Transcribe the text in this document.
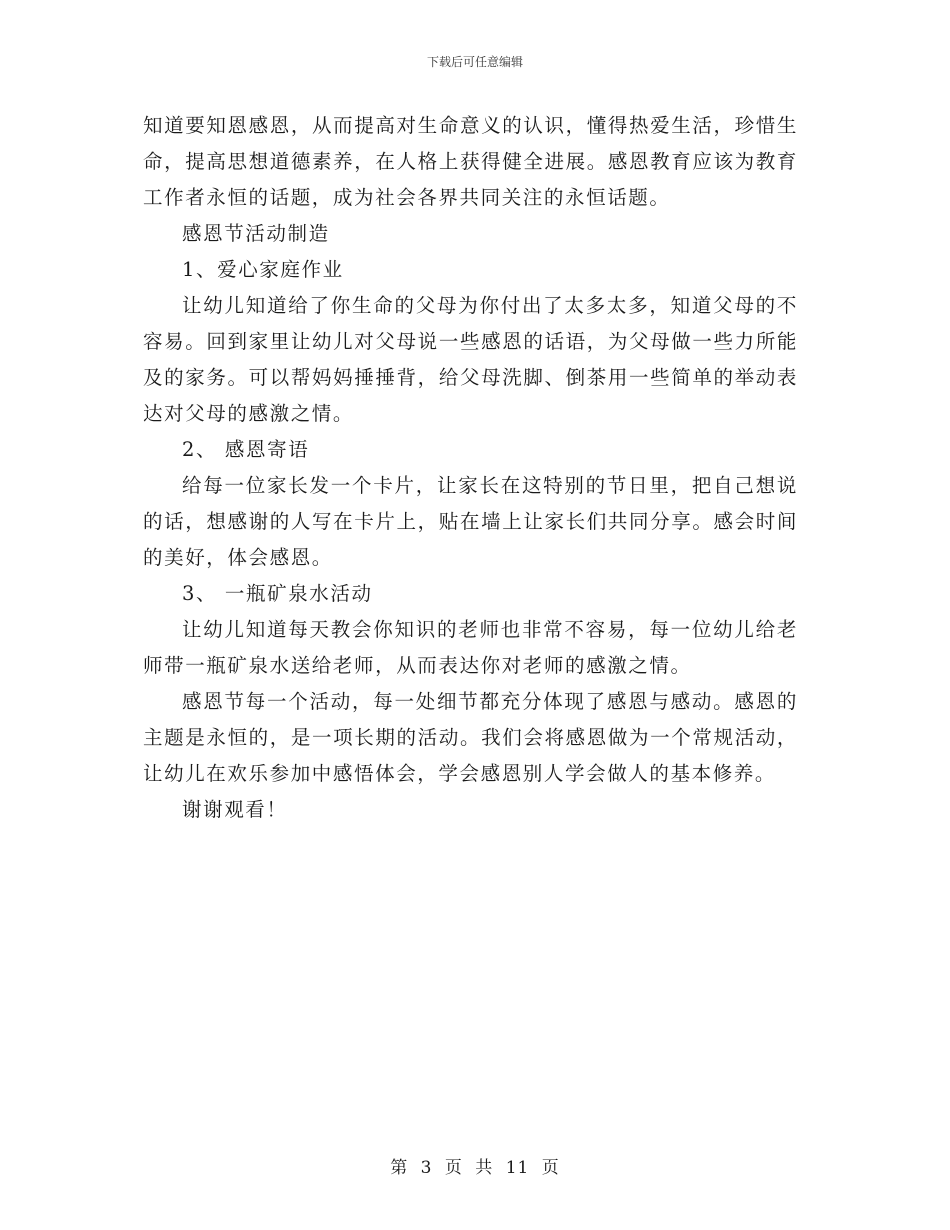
下载后可任意编辑

知道要知恩感恩，从而提高对生命意义的认识，懂得热爱生活，珍惜生命，提高思想道德素养，在人格上获得健全进展。感恩教育应该为教育工作者永恒的话题，成为社会各界共同关注的永恒话题。

感恩节活动制造

1、爱心家庭作业

让幼儿知道给了你生命的父母为你付出了太多太多，知道父母的不容易。回到家里让幼儿对父母说一些感恩的话语，为父母做一些力所能及的家务。可以帮妈妈捶捶背，给父母洗脚、倒茶用一些简单的举动表达对父母的感激之情。

2、 感恩寄语

给每一位家长发一个卡片，让家长在这特别的节日里，把自己想说的话，想感谢的人写在卡片上，贴在墙上让家长们共同分享。感会时间的美好，体会感恩。

3、 一瓶矿泉水活动

让幼儿知道每天教会你知识的老师也非常不容易，每一位幼儿给老师带一瓶矿泉水送给老师，从而表达你对老师的感激之情。

感恩节每一个活动，每一处细节都充分体现了感恩与感动。感恩的主题是永恒的，是一项长期的活动。我们会将感恩做为一个常规活动，让幼儿在欢乐参加中感悟体会，学会感恩别人学会做人的基本修养。

谢谢观看！

第 3 页 共 11 页
